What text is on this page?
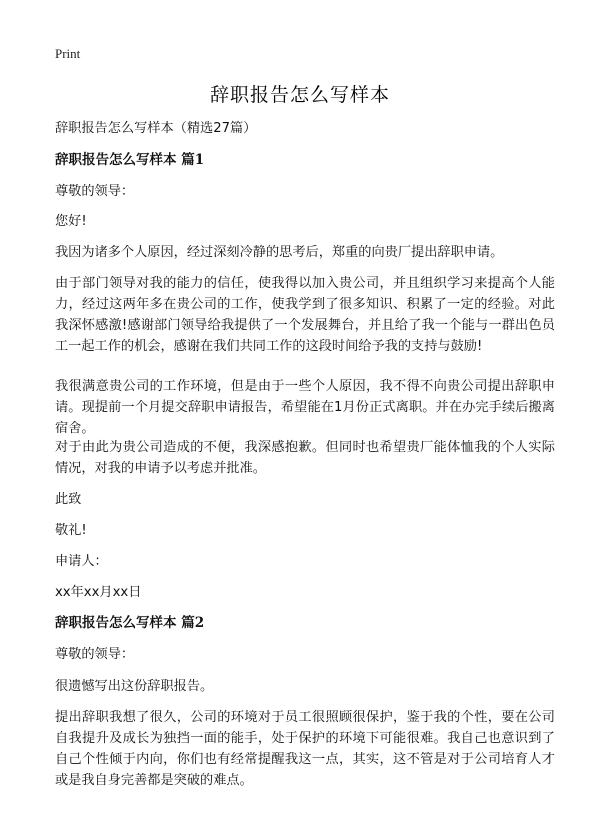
Print
辞职报告怎么写样本

辞职报告怎么写样本（精选27篇）

辞职报告怎么写样本 篇1

尊敬的领导：

您好!

我因为诸多个人原因，经过深刻冷静的思考后，郑重的向贵厂提出辞职申请。

由于部门领导对我的能力的信任，使我得以加入贵公司，并且组织学习来提高个人能力，经过这两年多在贵公司的工作，使我学到了很多知识、积累了一定的经验。对此我深怀感激!感谢部门领导给我提供了一个发展舞台，并且给了我一个能与一群出色员工一起工作的机会，感谢在我们共同工作的这段时间给予我的支持与鼓励!

我很满意贵公司的工作环境，但是由于一些个人原因，我不得不向贵公司提出辞职申请。现提前一个月提交辞职申请报告，希望能在1月份正式离职。并在办完手续后搬离宿舍。

对于由此为贵公司造成的不便，我深感抱歉。但同时也希望贵厂能体恤我的个人实际情况，对我的申请予以考虑并批准。

此致

敬礼!

申请人：

xx年xx月xx日

辞职报告怎么写样本 篇2

尊敬的领导：

很遗憾写出这份辞职报告。

提出辞职我想了很久，公司的环境对于员工很照顾很保护，鉴于我的个性，要在公司自我提升及成长为独挡一面的能手，处于保护的环境下可能很难。我自己也意识到了自己个性倾于内向，你们也有经常提醒我这一点，其实，这不管是对于公司培育人才或是我自身完善都是突破的难点。
